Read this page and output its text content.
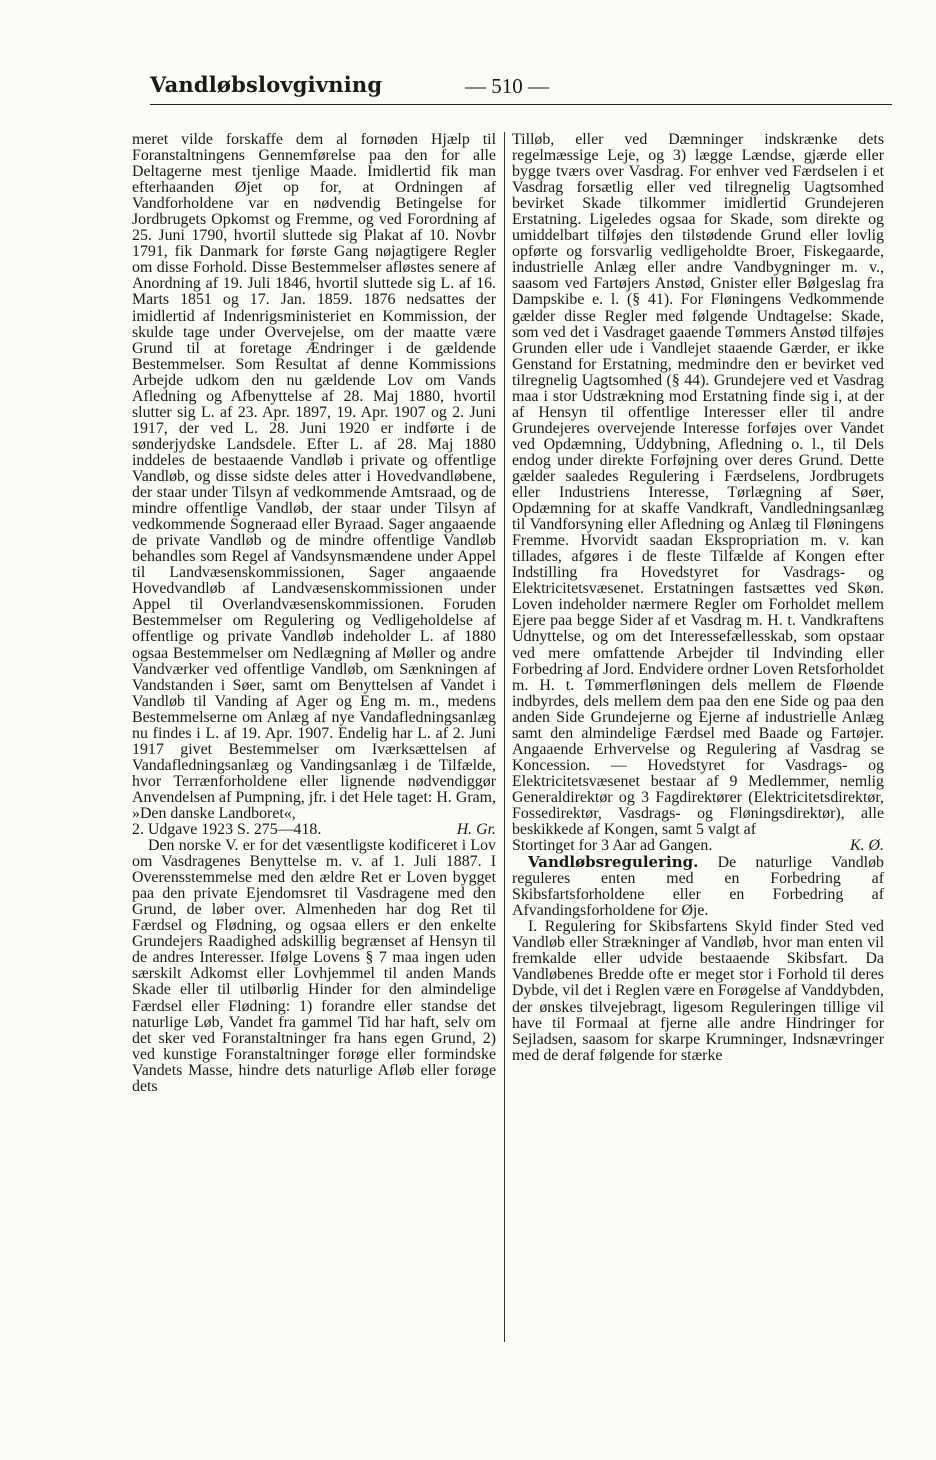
Vandløbslovgivning	— 510 —

meret vilde forskaffe dem al fornøden Hjælp til Foranstaltningens Gennemførelse paa den for alle Deltagerne mest tjenlige Maade. Imidlertid fik man efterhaanden Øjet op for, at Ordningen af Vandforholdene var en nødvendig Betingelse for Jordbrugets Opkomst og Fremme, og ved Forordning af 25. Juni 1790, hvortil sluttede sig Plakat af 10. Novbr 1791, fik Danmark for første Gang nøjagtigere Regler om disse Forhold. Disse Bestemmelser afløstes senere af Anordning af 19. Juli 1846, hvortil sluttede sig L. af 16. Marts 1851 og 17. Jan. 1859. 1876 nedsattes der imidlertid af Indenrigsministeriet en Kommission, der skulde tage under Overvejelse, om der maatte være Grund til at foretage Ændringer i de gældende Bestemmelser. Som Resultat af denne Kommissions Arbejde udkom den nu gældende Lov om Vands Afledning og Afbenyttelse af 28. Maj 1880, hvortil slutter sig L. af 23. Apr. 1897, 19. Apr. 1907 og 2. Juni 1917, der ved L. 28. Juni 1920 er indførte i de sønderjydske Landsdele. Efter L. af 28. Maj 1880 inddeles de bestaaende Vandløb i private og offentlige Vandløb, og disse sidste deles atter i Hovedvandløbene, der staar under Tilsyn af vedkommende Amtsraad, og de mindre offentlige Vandløb, der staar under Tilsyn af vedkommende Sogneraad eller Byraad. Sager angaaende de private Vandløb og de mindre offentlige Vandløb behandles som Regel af Vandsynsmændene under Appel til Landvæsenskommissionen, Sager angaaende Hovedvandløb af Landvæsenskommissionen under Appel til Overlandvæsenskommissionen. Foruden Bestemmelser om Regulering og Vedligeholdelse af offentlige og private Vandløb indeholder L. af 1880 ogsaa Bestemmelser om Nedlægning af Møller og andre Vandværker ved offentlige Vandløb, om Sænkningen af Vandstanden i Søer, samt om Benyttelsen af Vandet i Vandløb til Vanding af Ager og Eng m. m., medens Bestemmelserne om Anlæg af nye Vandafledningsanlæg nu findes i L. af 19. Apr. 1907. Endelig har L. af 2. Juni 1917 givet Bestemmelser om Iværksættelsen af Vandafledningsanlæg og Vandingsanlæg i de Tilfælde, hvor Terrænforholdene eller lignende nødvendiggør Anvendelsen af Pumpning, jfr. i det Hele taget: H. Gram, »Den danske Landboret«,

2. Udgave 1923 S. 275—418.	H. Gr.

Den norske V. er for det væsentligste kodificeret i Lov om Vasdragenes Benyttelse m. v. af 1. Juli 1887. I Overensstemmelse med den ældre Ret er Loven bygget paa den private Ejendomsret til Vasdragene med den Grund, de løber over. Almenheden har dog Ret til Færdsel og Flødning, og ogsaa ellers er den enkelte Grundejers Raadighed adskillig begrænset af Hensyn til de andres Interesser. Ifølge Lovens § 7 maa ingen uden særskilt Adkomst eller Lovhjemmel til anden Mands Skade eller til utilbørlig Hinder for den almindelige Færdsel eller Flødning: 1) forandre eller standse det naturlige Løb, Vandet fra gammel Tid har haft, selv om det sker ved Foranstaltninger fra hans egen Grund, 2) ved kunstige Foranstaltninger forøge eller formindske Vandets Masse, hindre dets naturlige Afløb eller forøge dets

Tilløb, eller ved Dæmninger indskrænke dets regelmæssige Leje, og 3) lægge Lændse, gjærde eller bygge tværs over Vasdrag. For enhver ved Færdselen i et Vasdrag forsætlig eller ved tilregnelig Uagtsomhed bevirket Skade tilkommer imidlertid Grundejeren Erstatning. Ligeledes ogsaa for Skade, som direkte og umiddelbart tilføjes den tilstødende Grund eller lovlig opførte og forsvarlig vedligeholdte Broer, Fiskegaarde, industrielle Anlæg eller andre Vandbygninger m. v., saasom ved Fartøjers Anstød, Gnister eller Bølgeslag fra Dampskibe e. l. (§ 41). For Fløningens Vedkommende gælder disse Regler med følgende Undtagelse: Skade, som ved det i Vasdraget gaaende Tømmers Anstød tilføjes Grunden eller ude i Vandlejet staaende Gærder, er ikke Genstand for Erstatning, medmindre den er bevirket ved tilregnelig Uagtsomhed (§ 44). Grundejere ved et Vasdrag maa i stor Udstrækning mod Erstatning finde sig i, at der af Hensyn til offentlige Interesser eller til andre Grundejeres overvejende Interesse forføjes over Vandet ved Opdæmning, Uddybning, Afledning o. l., til Dels endog under direkte Forføjning over deres Grund. Dette gælder saaledes Regulering i Færdselens, Jordbrugets eller Industriens Interesse, Tørlægning af Søer, Opdæmning for at skaffe Vandkraft, Vandledningsanlæg til Vandforsyning eller Afledning og Anlæg til Fløningens Fremme. Hvorvidt saadan Ekspropriation m. v. kan tillades, afgøres i de fleste Tilfælde af Kongen efter Indstilling fra Hovedstyret for Vasdrags- og Elektricitetsvæsenet. Erstatningen fastsættes ved Skøn. Loven indeholder nærmere Regler om Forholdet mellem Ejere paa begge Sider af et Vasdrag m. H. t. Vandkraftens Udnyttelse, og om det Interessefællesskab, som opstaar ved mere omfattende Arbejder til Indvinding eller Forbedring af Jord. Endvidere ordner Loven Retsforholdet m. H. t. Tømmerfløningen dels mellem de Fløende indbyrdes, dels mellem dem paa den ene Side og paa den anden Side Grundejerne og Ejerne af industrielle Anlæg samt den almindelige Færdsel med Baade og Fartøjer. Angaaende Erhvervelse og Regulering af Vasdrag se Koncession. — Hovedstyret for Vasdrags- og Elektricitetsvæsenet bestaar af 9 Medlemmer, nemlig Generaldirektør og 3 Fagdirektører (Elektricitetsdirektør, Fossedirektør, Vasdrags- og Fløningsdirektør), alle beskikkede af Kongen, samt 5 valgt af

Stortinget for 3 Aar ad Gangen.	K. Ø.

Vandløbsregulering. De naturlige Vandløb reguleres enten med en Forbedring af Skibsfartsforholdene eller en Forbedring af Afvandingsforholdene for Øje.

I. Regulering for Skibsfartens Skyld finder Sted ved Vandløb eller Strækninger af Vandløb, hvor man enten vil fremkalde eller udvide bestaaende Skibsfart. Da Vandløbenes Bredde ofte er meget stor i Forhold til deres Dybde, vil det i Reglen være en Forøgelse af Vanddybden, der ønskes tilvejebragt, ligesom Reguleringen tillige vil have til Formaal at fjerne alle andre Hindringer for Sejladsen, saasom for skarpe Krumninger, Indsnævringer med de deraf følgende for stærke
